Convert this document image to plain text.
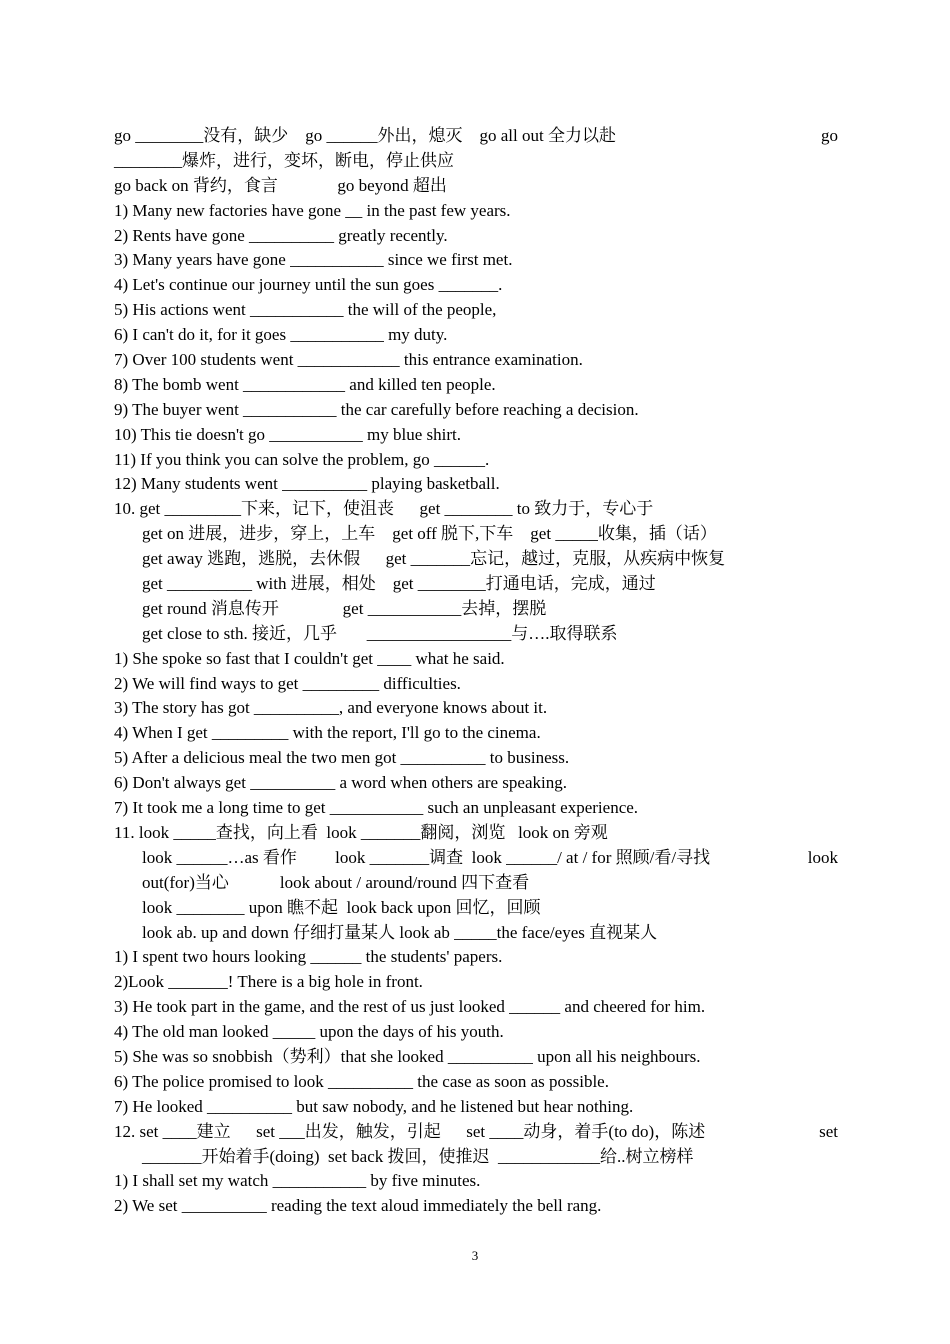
go ________没有，缺少    go ______外出，熄灭    go all out 全力以赴	go
________爆炸，进行，变坏，断电，停止供应
go back on 背约，食言              go beyond 超出
1) Many new factories have gone __ in the past few years.
2) Rents have gone __________ greatly recently.
3) Many years have gone ___________ since we first met.
4) Let's continue our journey until the sun goes _______.
5) His actions went ___________ the will of the people,
6) I can't do it, for it goes ___________ my duty.
7) Over 100 students went ____________ this entrance examination.
8) The bomb went ____________ and killed ten people.
9) The buyer went ___________ the car carefully before reaching a decision.
10) This tie doesn't go ___________ my blue shirt.
11) If you think you can solve the problem, go ______.
12) Many students went __________ playing basketball.
10. get _________下来，记下，使沮丧      get ________ to 致力于，专心于
get on 进展，进步，穿上，上车    get off 脱下,下车    get _____收集，插（话）
get away 逃跑，逃脱，去休假      get _______忘记，越过，克服，从疾病中恢复
get __________ with 进展，相处    get ________打通电话，完成，通过
get round 消息传开               get ___________去掉，摆脱
get close to sth. 接近，几乎       _________________与….取得联系
1) She spoke so fast that I couldn't get ____ what he said.
2) We will find ways to get _________ difficulties.
3) The story has got __________, and everyone knows about it.
4) When I get _________ with the report, I'll go to the cinema.
5) After a delicious meal the two men got __________ to business.
6) Don't always get __________ a word when others are speaking.
7) It took me a long time to get ___________ such an unpleasant experience.
11. look _____查找，向上看  look _______翻阅，浏览   look on 旁观
look ______…as 看作         look _______调查  look ______/ at / for 照顾/看/寻找	look
out(for)当心            look about / around/round 四下查看
look ________ upon 瞧不起  look back upon 回忆，回顾
look ab. up and down 仔细打量某人 look ab _____the face/eyes 直视某人
1) I spent two hours looking ______ the students' papers.
2)Look _______! There is a big hole in front.
3) He took part in the game, and the rest of us just looked ______ and cheered for him.
4) The old man looked _____ upon the days of his youth.
5) She was so snobbish（势利）that she looked __________ upon all his neighbours.
6) The police promised to look __________ the case as soon as possible.
7) He looked __________ but saw nobody, and he listened but hear nothing.
12. set ____建立      set ___出发，触发，引起      set ____动身，着手(to do)，陈述	set
_______开始着手(doing)  set back 拨回，使推迟  ____________给..树立榜样
1) I shall set my watch ___________ by five minutes.
2) We set __________ reading the text aloud immediately the bell rang.
3
